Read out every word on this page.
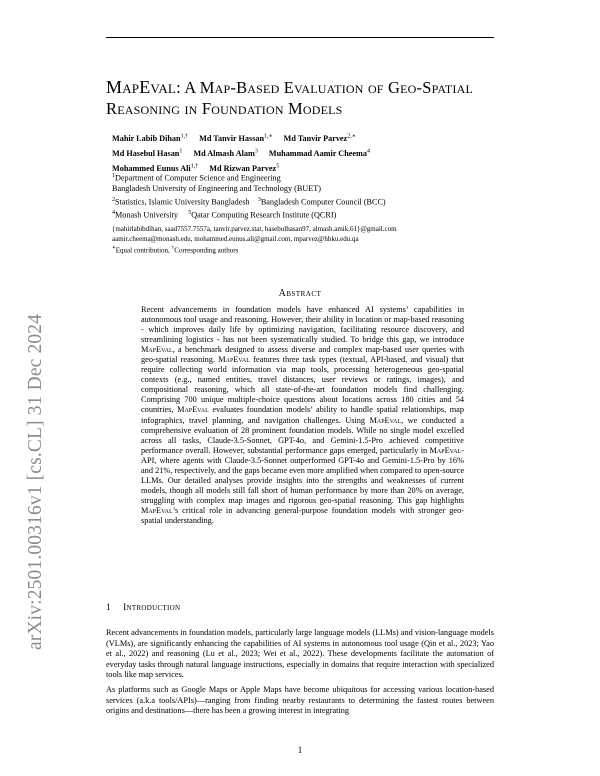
arXiv:2501.00316v1 [cs.CL] 31 Dec 2024
MapEval: A Map-Based Evaluation of Geo-Spatial Reasoning in Foundation Models
Mahir Labib Dihan$^{1,\dagger}$ Md Tanvir Hassan$^{1,∗}$ Md Tanvir Parvez$^{2,∗}$
Md Hasebul Hasan$^1$ Md Almash Alam$^3$ Muhammad Aamir Cheema$^4$
Mohammed Eunus Ali$^{1,\dagger}$ Md Rizwan Parvez$^5$
$^1$Department of Computer Science and Engineering
Bangladesh University of Engineering and Technology (BUET)
$^2$Statistics, Islamic University Bangladesh $^3$Bangladesh Computer Council (BCC)
$^4$Monash University $^5$Qatar Computing Research Institute (QCRI)
{mahirlabibdihan, saad7557.7557a, tanvir.parvez.stat, hasebulhasan97, almash.amik.61}@gmail.com
aamir.cheema@monash.edu, mohammed.eunus.ali@gmail.com, mparvez@hbku.edu.qa
∗Equal contribution, †Corresponding authors
Abstract
Recent advancements in foundation models have enhanced AI systems’ capabilities in autonomous tool usage and reasoning. However, their ability in location or map-based reasoning - which improves daily life by optimizing navigation, facilitating resource discovery, and streamlining logistics - has not been systematically studied. To bridge this gap, we introduce MapEval, a benchmark designed to assess diverse and complex map-based user queries with geo-spatial reasoning. MapEval features three task types (textual, API-based, and visual) that require collecting world information via map tools, processing heterogeneous geo-spatial contexts (e.g., named entities, travel distances, user reviews or ratings, images), and compositional reasoning, which all state-of-the-art foundation models find challenging. Comprising 700 unique multiple-choice questions about locations across 180 cities and 54 countries, MapEval evaluates foundation models’ ability to handle spatial relationships, map infographics, travel planning, and navigation challenges. Using MapEval, we conducted a comprehensive evaluation of 28 prominent foundation models. While no single model excelled across all tasks, Claude-3.5-Sonnet, GPT-4o, and Gemini-1.5-Pro achieved competitive performance overall. However, substantial performance gaps emerged, particularly in MapEval-API, where agents with Claude-3.5-Sonnet outperformed GPT-4o and Gemini-1.5-Pro by 16% and 21%, respectively, and the gaps became even more amplified when compared to open-source LLMs. Our detailed analyses provide insights into the strengths and weaknesses of current models, though all models still fall short of human performance by more than 20% on average, struggling with complex map images and rigorous geo-spatial reasoning. This gap highlights MapEval’s critical role in advancing general-purpose foundation models with stronger geo-spatial understanding.
1 Introduction
Recent advancements in foundation models, particularly large language models (LLMs) and vision-language models (VLMs), are significantly enhancing the capabilities of AI systems in autonomous tool usage (Qin et al., 2023; Yao et al., 2022) and reasoning (Lu et al., 2023; Wei et al., 2022). These developments facilitate the automation of everyday tasks through natural language instructions, especially in domains that require interaction with specialized tools like map services.
As platforms such as Google Maps or Apple Maps have become ubiquitous for accessing various location-based services (a.k.a tools/APIs)—ranging from finding nearby restaurants to determining the fastest routes between origins and destinations—there has been a growing interest in integrating
1
